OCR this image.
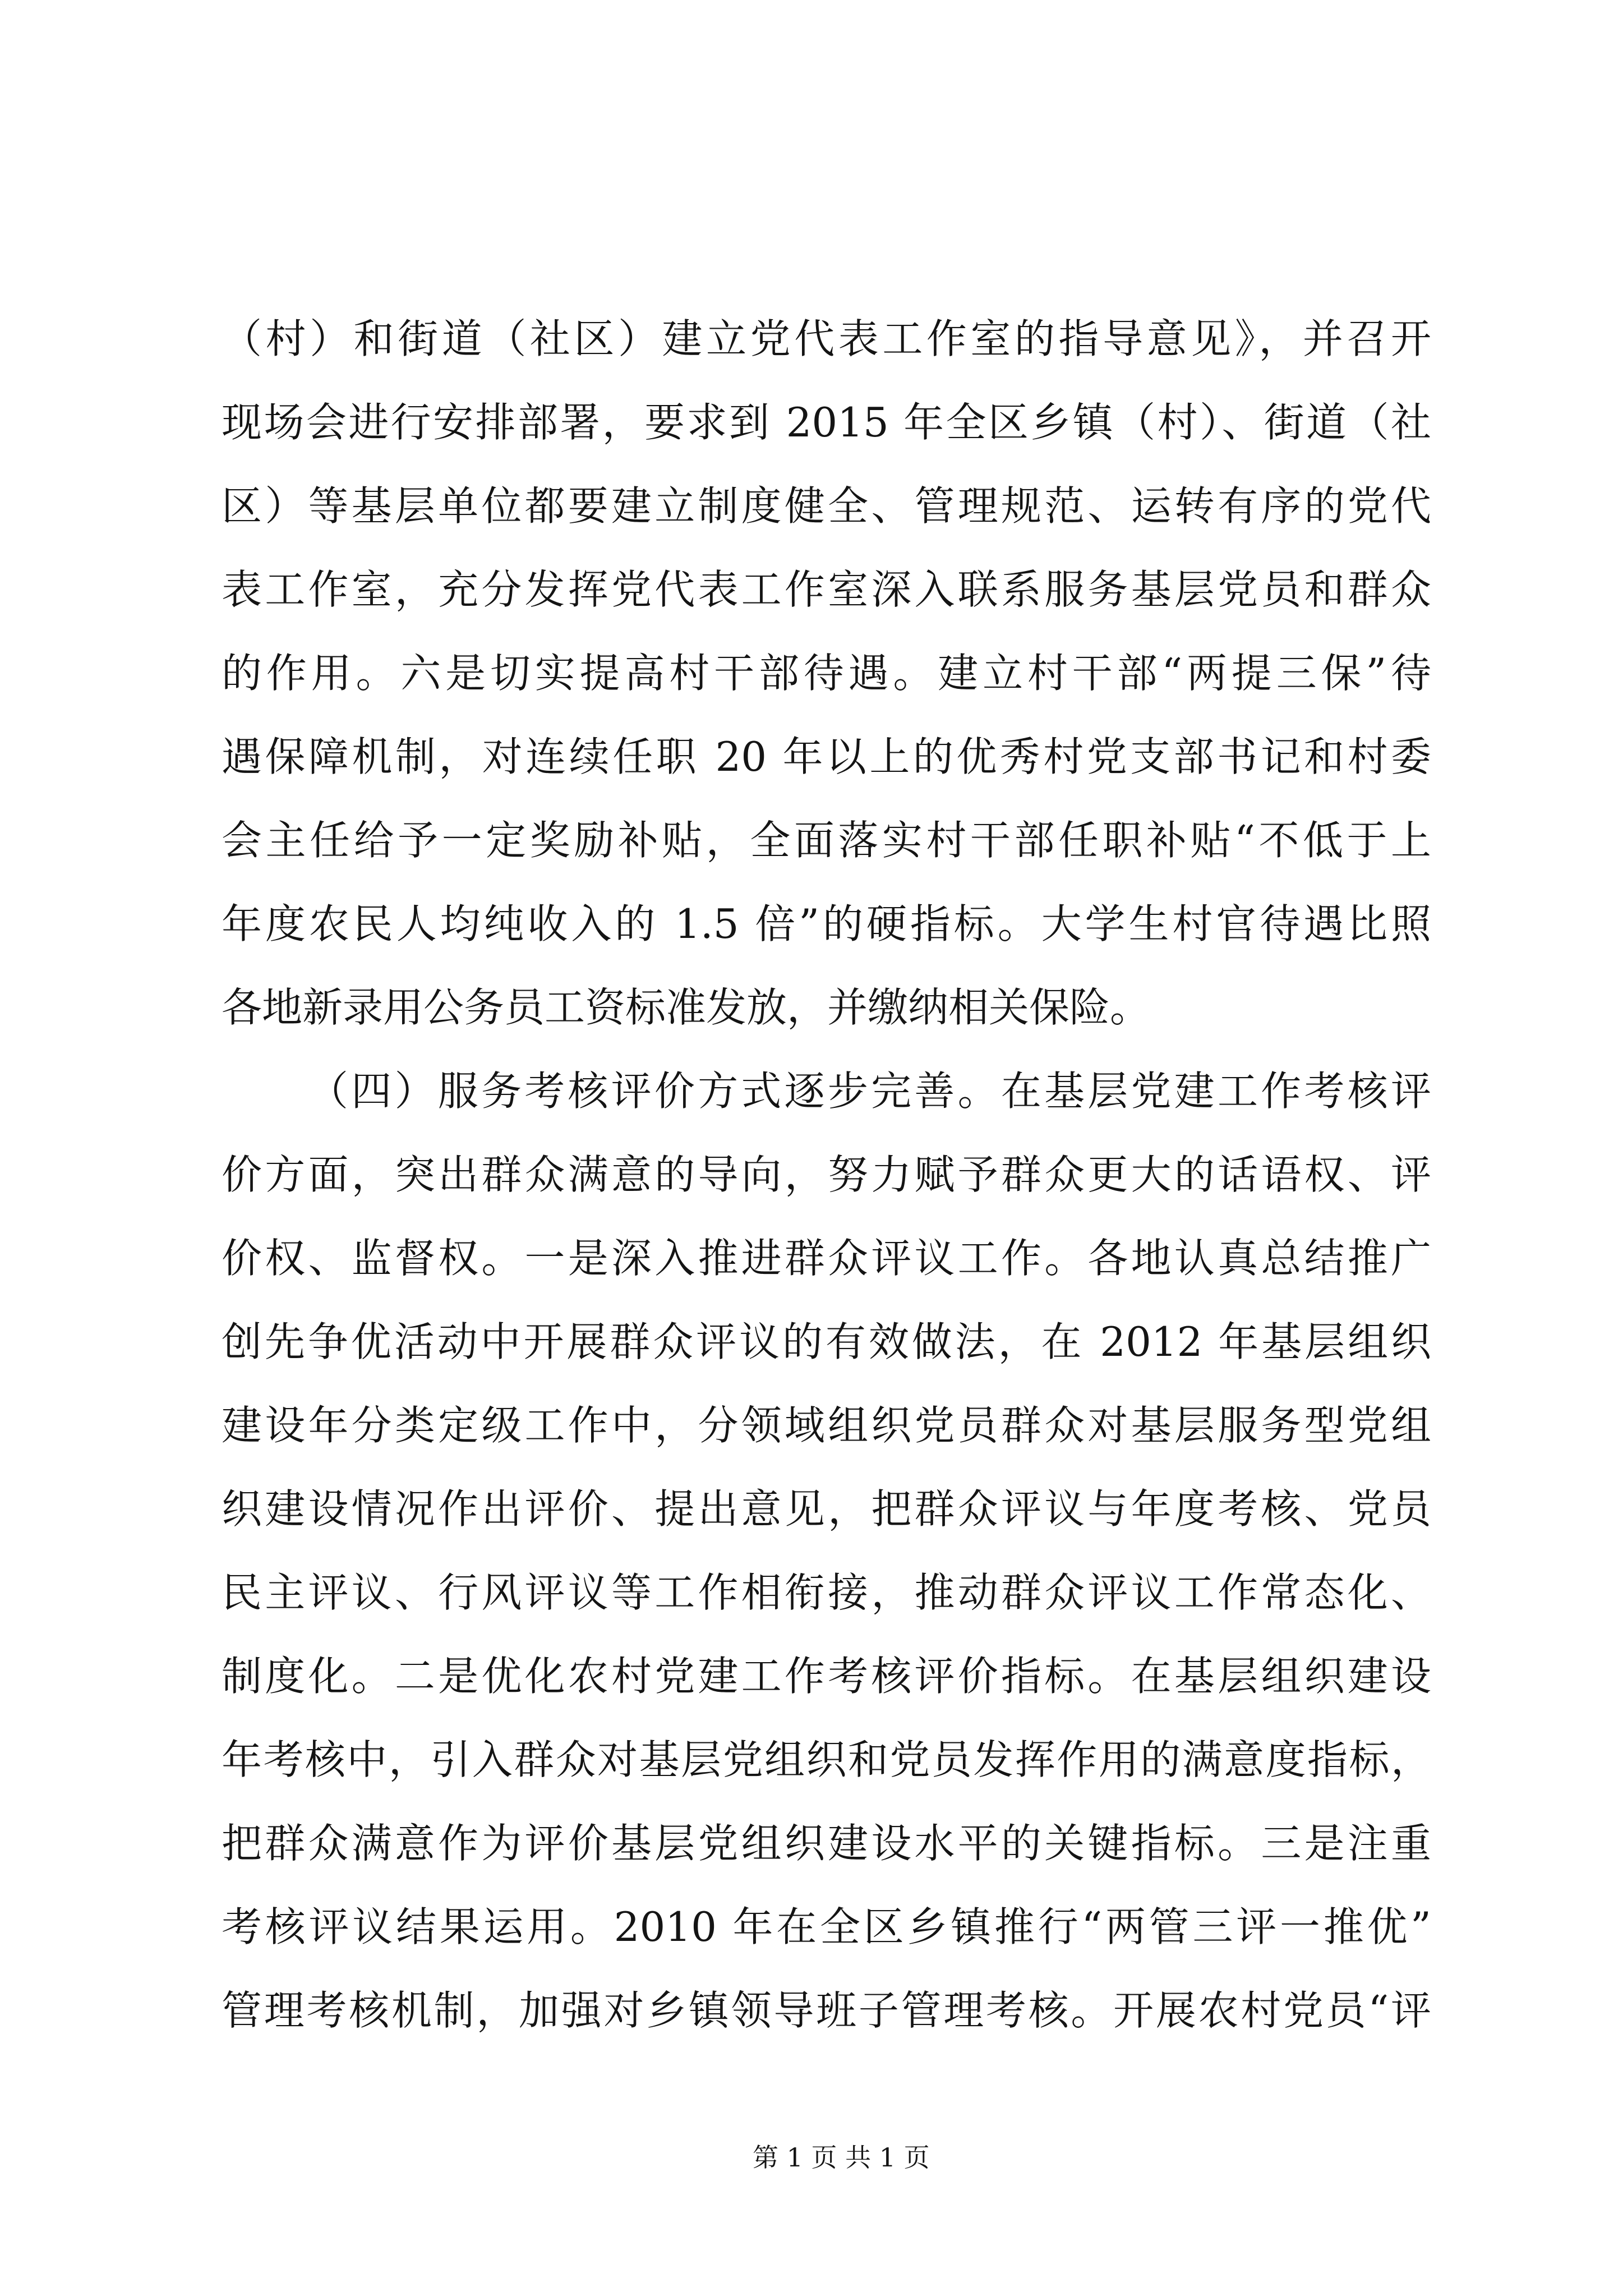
（村）和街道（社区）建立党代表工作室的指导意见》，并召开
现场会进行安排部署，要求到 2015 年全区乡镇（村）、街道（社
区）等基层单位都要建立制度健全、管理规范、运转有序的党代
表工作室，充分发挥党代表工作室深入联系服务基层党员和群众
的作用。六是切实提高村干部待遇。建立村干部“两提三保”待
遇保障机制，对连续任职 20 年以上的优秀村党支部书记和村委
会主任给予一定奖励补贴，全面落实村干部任职补贴“不低于上
年度农民人均纯收入的 1.5 倍”的硬指标。大学生村官待遇比照
各地新录用公务员工资标准发放，并缴纳相关保险。
（四）服务考核评价方式逐步完善。在基层党建工作考核评
价方面，突出群众满意的导向，努力赋予群众更大的话语权、评
价权、监督权。一是深入推进群众评议工作。各地认真总结推广
创先争优活动中开展群众评议的有效做法，在 2012 年基层组织
建设年分类定级工作中，分领域组织党员群众对基层服务型党组
织建设情况作出评价、提出意见，把群众评议与年度考核、党员
民主评议、行风评议等工作相衔接，推动群众评议工作常态化、
制度化。二是优化农村党建工作考核评价指标。在基层组织建设
年考核中，引入群众对基层党组织和党员发挥作用的满意度指标，
把群众满意作为评价基层党组织建设水平的关键指标。三是注重
考核评议结果运用。2010 年在全区乡镇推行“两管三评一推优”
管理考核机制，加强对乡镇领导班子管理考核。开展农村党员“评
第 1 页 共 1 页
